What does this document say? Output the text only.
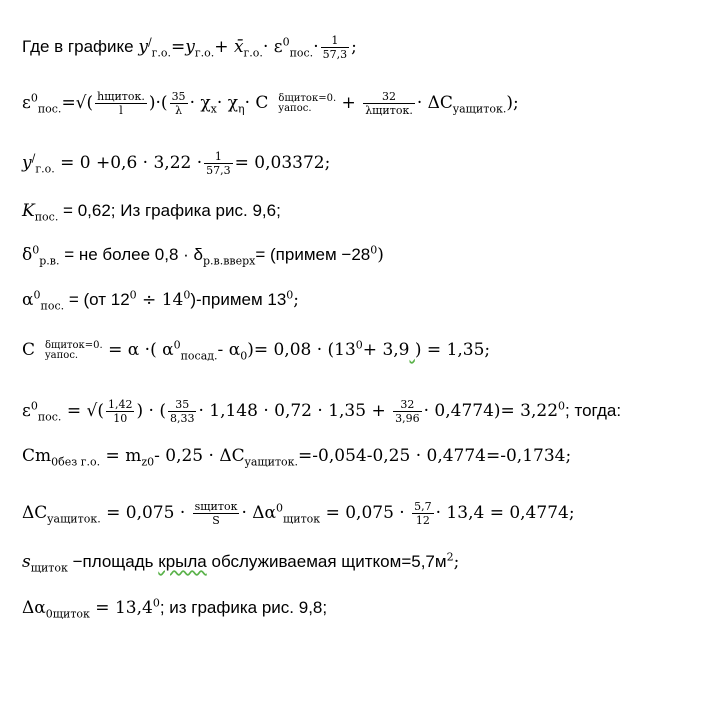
Где в графике $y^/_{г.о.}=y_{г.о.}+$ $x̄_{г.о.}\cdot \varepsilon^0_{пос.}\cdot \frac{1}{57,3}$ ;
$\varepsilon^0_{пос.}=√( \frac{\text{hщиток.}}{l}$ )·( $\frac{35}{\lambda} \cdot \chi_x\cdot \chi_\eta\cdot C$	δщиток=0.
yaпос.	+ $\frac{32}{\text{λщиток.}} \cdot \Delta C_{yaщиток.}$);
$y^/_{г.о.} = 0 +0,6 \cdot 3,22 \cdot \frac{1}{57,3} = 0,03372$;
$K_{пос.} = 0,62$; Из графика рис. 9,6;
$\delta^0_{р.в.}$ = не более $0,8 \cdot \delta_{р.в.вверх}=$ (примем $-28^0$)
$\alpha^0_{пос.} = (от$ $12^0$ ÷ $14^0$)-примем $13^0$;
C	δщиток=0.
yaпос.	= α ·( $\alpha^0_{посад.}-$ $\alpha_0)= 0,08 \cdot (13^0+ 3,9$ ) = 1,35;
$\varepsilon^0_{пос.}$ = √( $\frac{1,42}{10}$ ) · ( $\frac{35}{8,33} \cdot 1,148 \cdot 0,72 \cdot 1,35 + \frac{32}{3,96} \cdot 0,4774)= 3,22^0$; тогда:
$Cm_{0без г.о.} = m_{z0}-$ $0,25 \cdot \Delta C_{yaщиток.}=-0,054-0,25 \cdot 0,4774=-0,1734$;
$\Delta C_{yaщиток.} = 0,075 \cdot \frac{\text{sщиток}}{S} \cdot \Delta\alpha^0_{щиток} = 0,075 \cdot \frac{5,7}{12} \cdot 13,4 = 0,4774$;
$s_{щиток}$ −площадь крыла обслуживаемая $щитком=5,7м^2$;
$\Delta\alpha_{0щиток} = 13,4^0$; из графика рис. 9,8;
